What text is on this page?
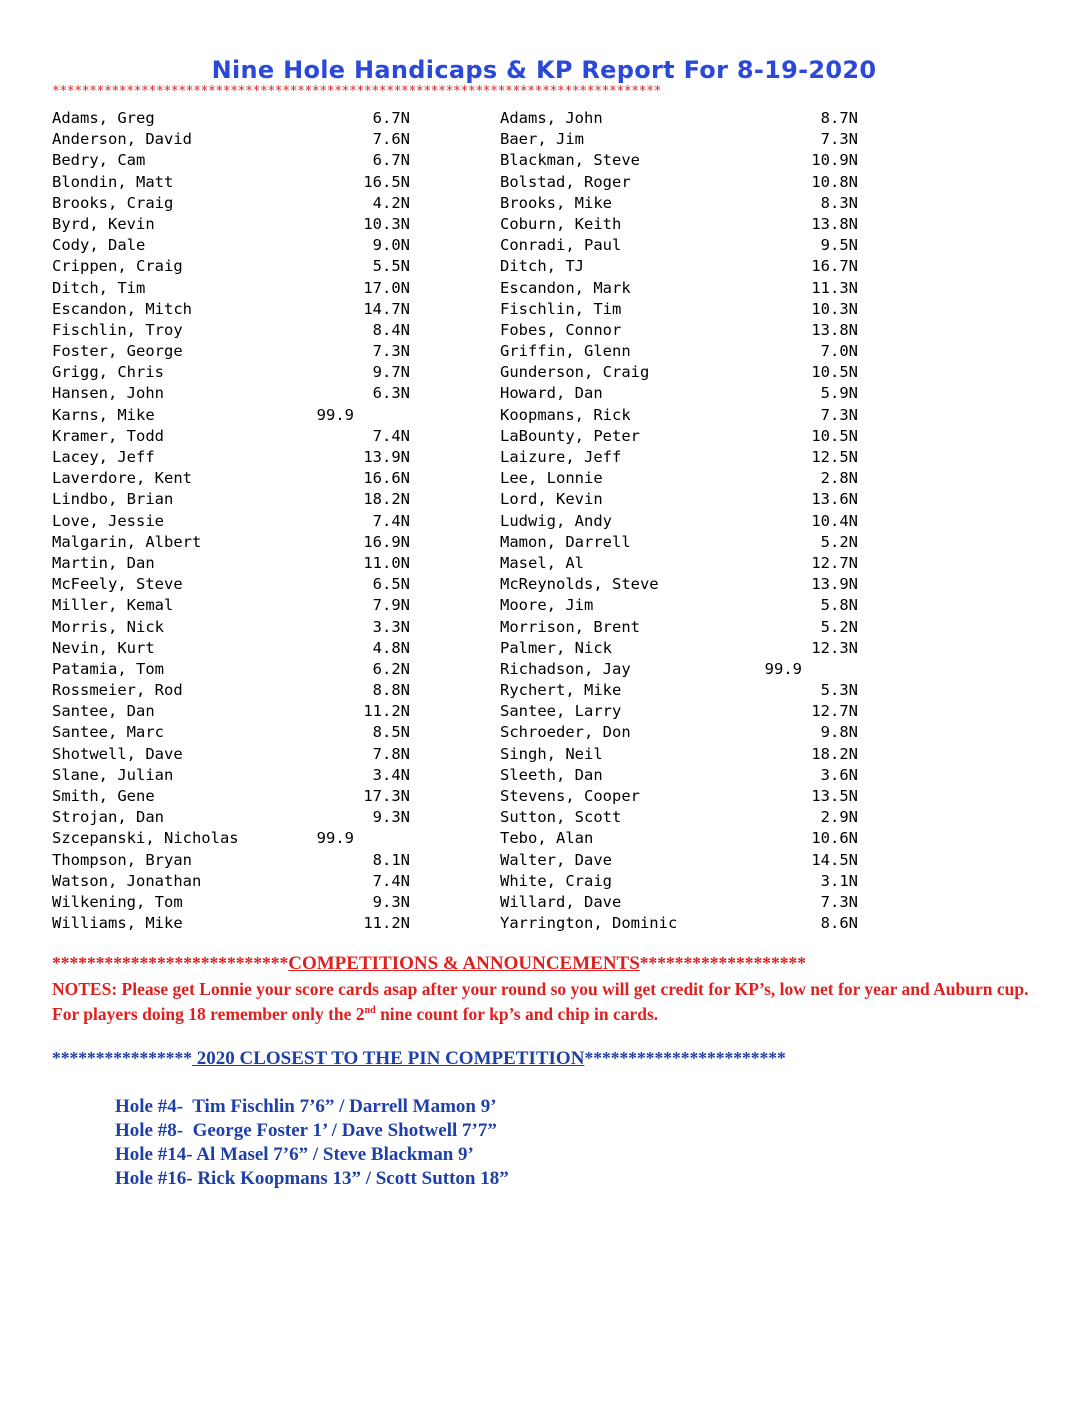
Nine Hole Handicaps & KP Report For 8-19-2020
**********************************************************************************
Adams, Greg	6.7N
Anderson, David	7.6N
Bedry, Cam	6.7N
Blondin, Matt	16.5N
Brooks, Craig	4.2N
Byrd, Kevin	10.3N
Cody, Dale	9.0N
Crippen, Craig	5.5N
Ditch, Tim	17.0N
Escandon, Mitch	14.7N
Fischlin, Troy	8.4N
Foster, George	7.3N
Grigg, Chris	9.7N
Hansen, John	6.3N
Karns, Mike	99.9
Kramer, Todd	7.4N
Lacey, Jeff	13.9N
Laverdore, Kent	16.6N
Lindbo, Brian	18.2N
Love, Jessie	7.4N
Malgarin, Albert	16.9N
Martin, Dan	11.0N
McFeely, Steve	6.5N
Miller, Kemal	7.9N
Morris, Nick	3.3N
Nevin, Kurt	4.8N
Patamia, Tom	6.2N
Rossmeier, Rod	8.8N
Santee, Dan	11.2N
Santee, Marc	8.5N
Shotwell, Dave	7.8N
Slane, Julian	3.4N
Smith, Gene	17.3N
Strojan, Dan	9.3N
Szcepanski, Nicholas	99.9
Thompson, Bryan	8.1N
Watson, Jonathan	7.4N
Wilkening, Tom	9.3N
Williams, Mike	11.2N
Adams, John	8.7N
Baer, Jim	7.3N
Blackman, Steve	10.9N
Bolstad, Roger	10.8N
Brooks, Mike	8.3N
Coburn, Keith	13.8N
Conradi, Paul	9.5N
Ditch, TJ	16.7N
Escandon, Mark	11.3N
Fischlin, Tim	10.3N
Fobes, Connor	13.8N
Griffin, Glenn	7.0N
Gunderson, Craig	10.5N
Howard, Dan	5.9N
Koopmans, Rick	7.3N
LaBounty, Peter	10.5N
Laizure, Jeff	12.5N
Lee, Lonnie	2.8N
Lord, Kevin	13.6N
Ludwig, Andy	10.4N
Mamon, Darrell	5.2N
Masel, Al	12.7N
McReynolds, Steve	13.9N
Moore, Jim	5.8N
Morrison, Brent	5.2N
Palmer, Nick	12.3N
Richadson, Jay	99.9
Rychert, Mike	5.3N
Santee, Larry	12.7N
Schroeder, Don	9.8N
Singh, Neil	18.2N
Sleeth, Dan	3.6N
Stevens, Cooper	13.5N
Sutton, Scott	2.9N
Tebo, Alan	10.6N
Walter, Dave	14.5N
White, Craig	3.1N
Willard, Dave	7.3N
Yarrington, Dominic	8.6N
***************************COMPETITIONS & ANNOUNCEMENTS*******************
NOTES: Please get Lonnie your score cards asap after your round so you will get credit for KP’s, low net for year and Auburn cup. For players doing 18 remember only the 2nd nine count for kp’s and chip in cards.
**************** 2020 CLOSEST TO THE PIN COMPETITION***********************
Hole #4-  Tim Fischlin 7’6” / Darrell Mamon 9’
Hole #8-  George Foster 1’ / Dave Shotwell 7’7”
Hole #14- Al Masel 7’6” / Steve Blackman 9’
Hole #16- Rick Koopmans 13” / Scott Sutton 18”
